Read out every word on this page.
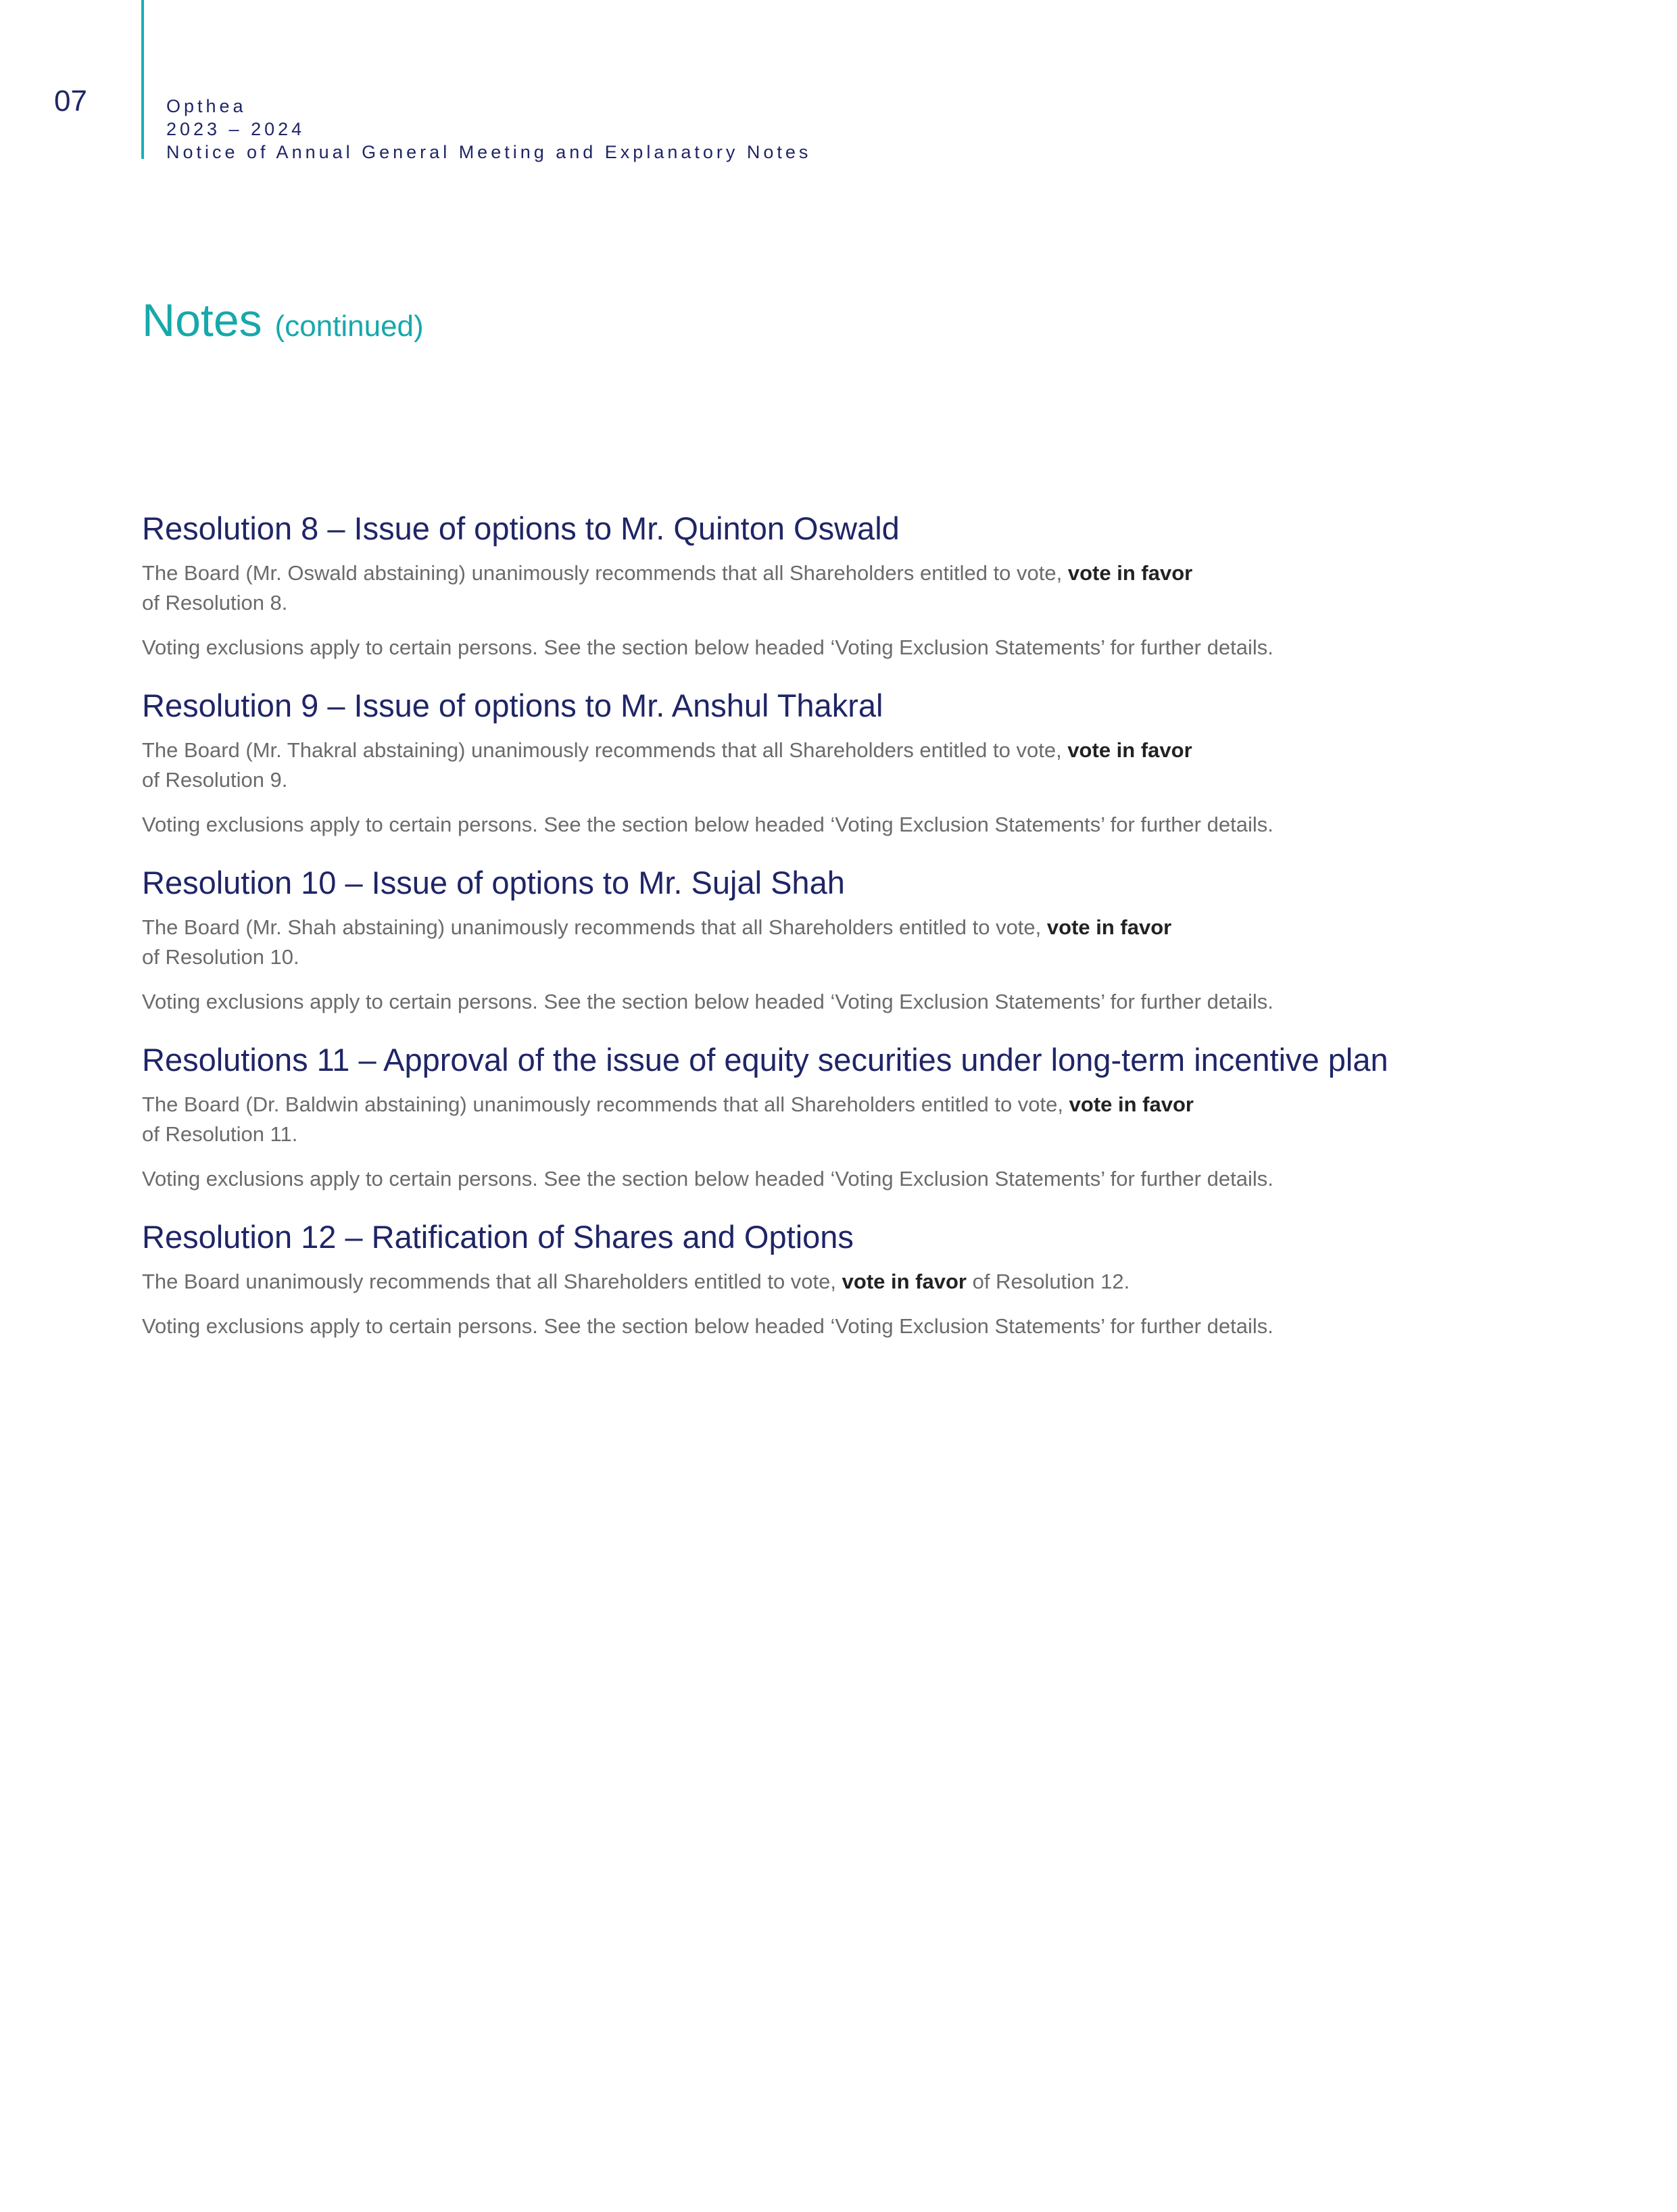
07	Opthea
2023 – 2024
Notice of Annual General Meeting and Explanatory Notes
Notes (continued)
Resolution 8 – Issue of options to Mr. Quinton Oswald

The Board (Mr. Oswald abstaining) unanimously recommends that all Shareholders entitled to vote, vote in favor
of Resolution 8.

Voting exclusions apply to certain persons. See the section below headed ‘Voting Exclusion Statements’ for further details.

Resolution 9 – Issue of options to Mr. Anshul Thakral

The Board (Mr. Thakral abstaining) unanimously recommends that all Shareholders entitled to vote, vote in favor
of Resolution 9.

Voting exclusions apply to certain persons. See the section below headed ‘Voting Exclusion Statements’ for further details.

Resolution 10 – Issue of options to Mr. Sujal Shah

The Board (Mr. Shah abstaining) unanimously recommends that all Shareholders entitled to vote, vote in favor
of Resolution 10.

Voting exclusions apply to certain persons. See the section below headed ‘Voting Exclusion Statements’ for further details.

Resolutions 11 – Approval of the issue of equity securities under long-term incentive plan

The Board (Dr. Baldwin abstaining) unanimously recommends that all Shareholders entitled to vote, vote in favor
of Resolution 11.

Voting exclusions apply to certain persons. See the section below headed ‘Voting Exclusion Statements’ for further details.

Resolution 12 – Ratification of Shares and Options

The Board unanimously recommends that all Shareholders entitled to vote, vote in favor of Resolution 12.

Voting exclusions apply to certain persons. See the section below headed ‘Voting Exclusion Statements’ for further details.
